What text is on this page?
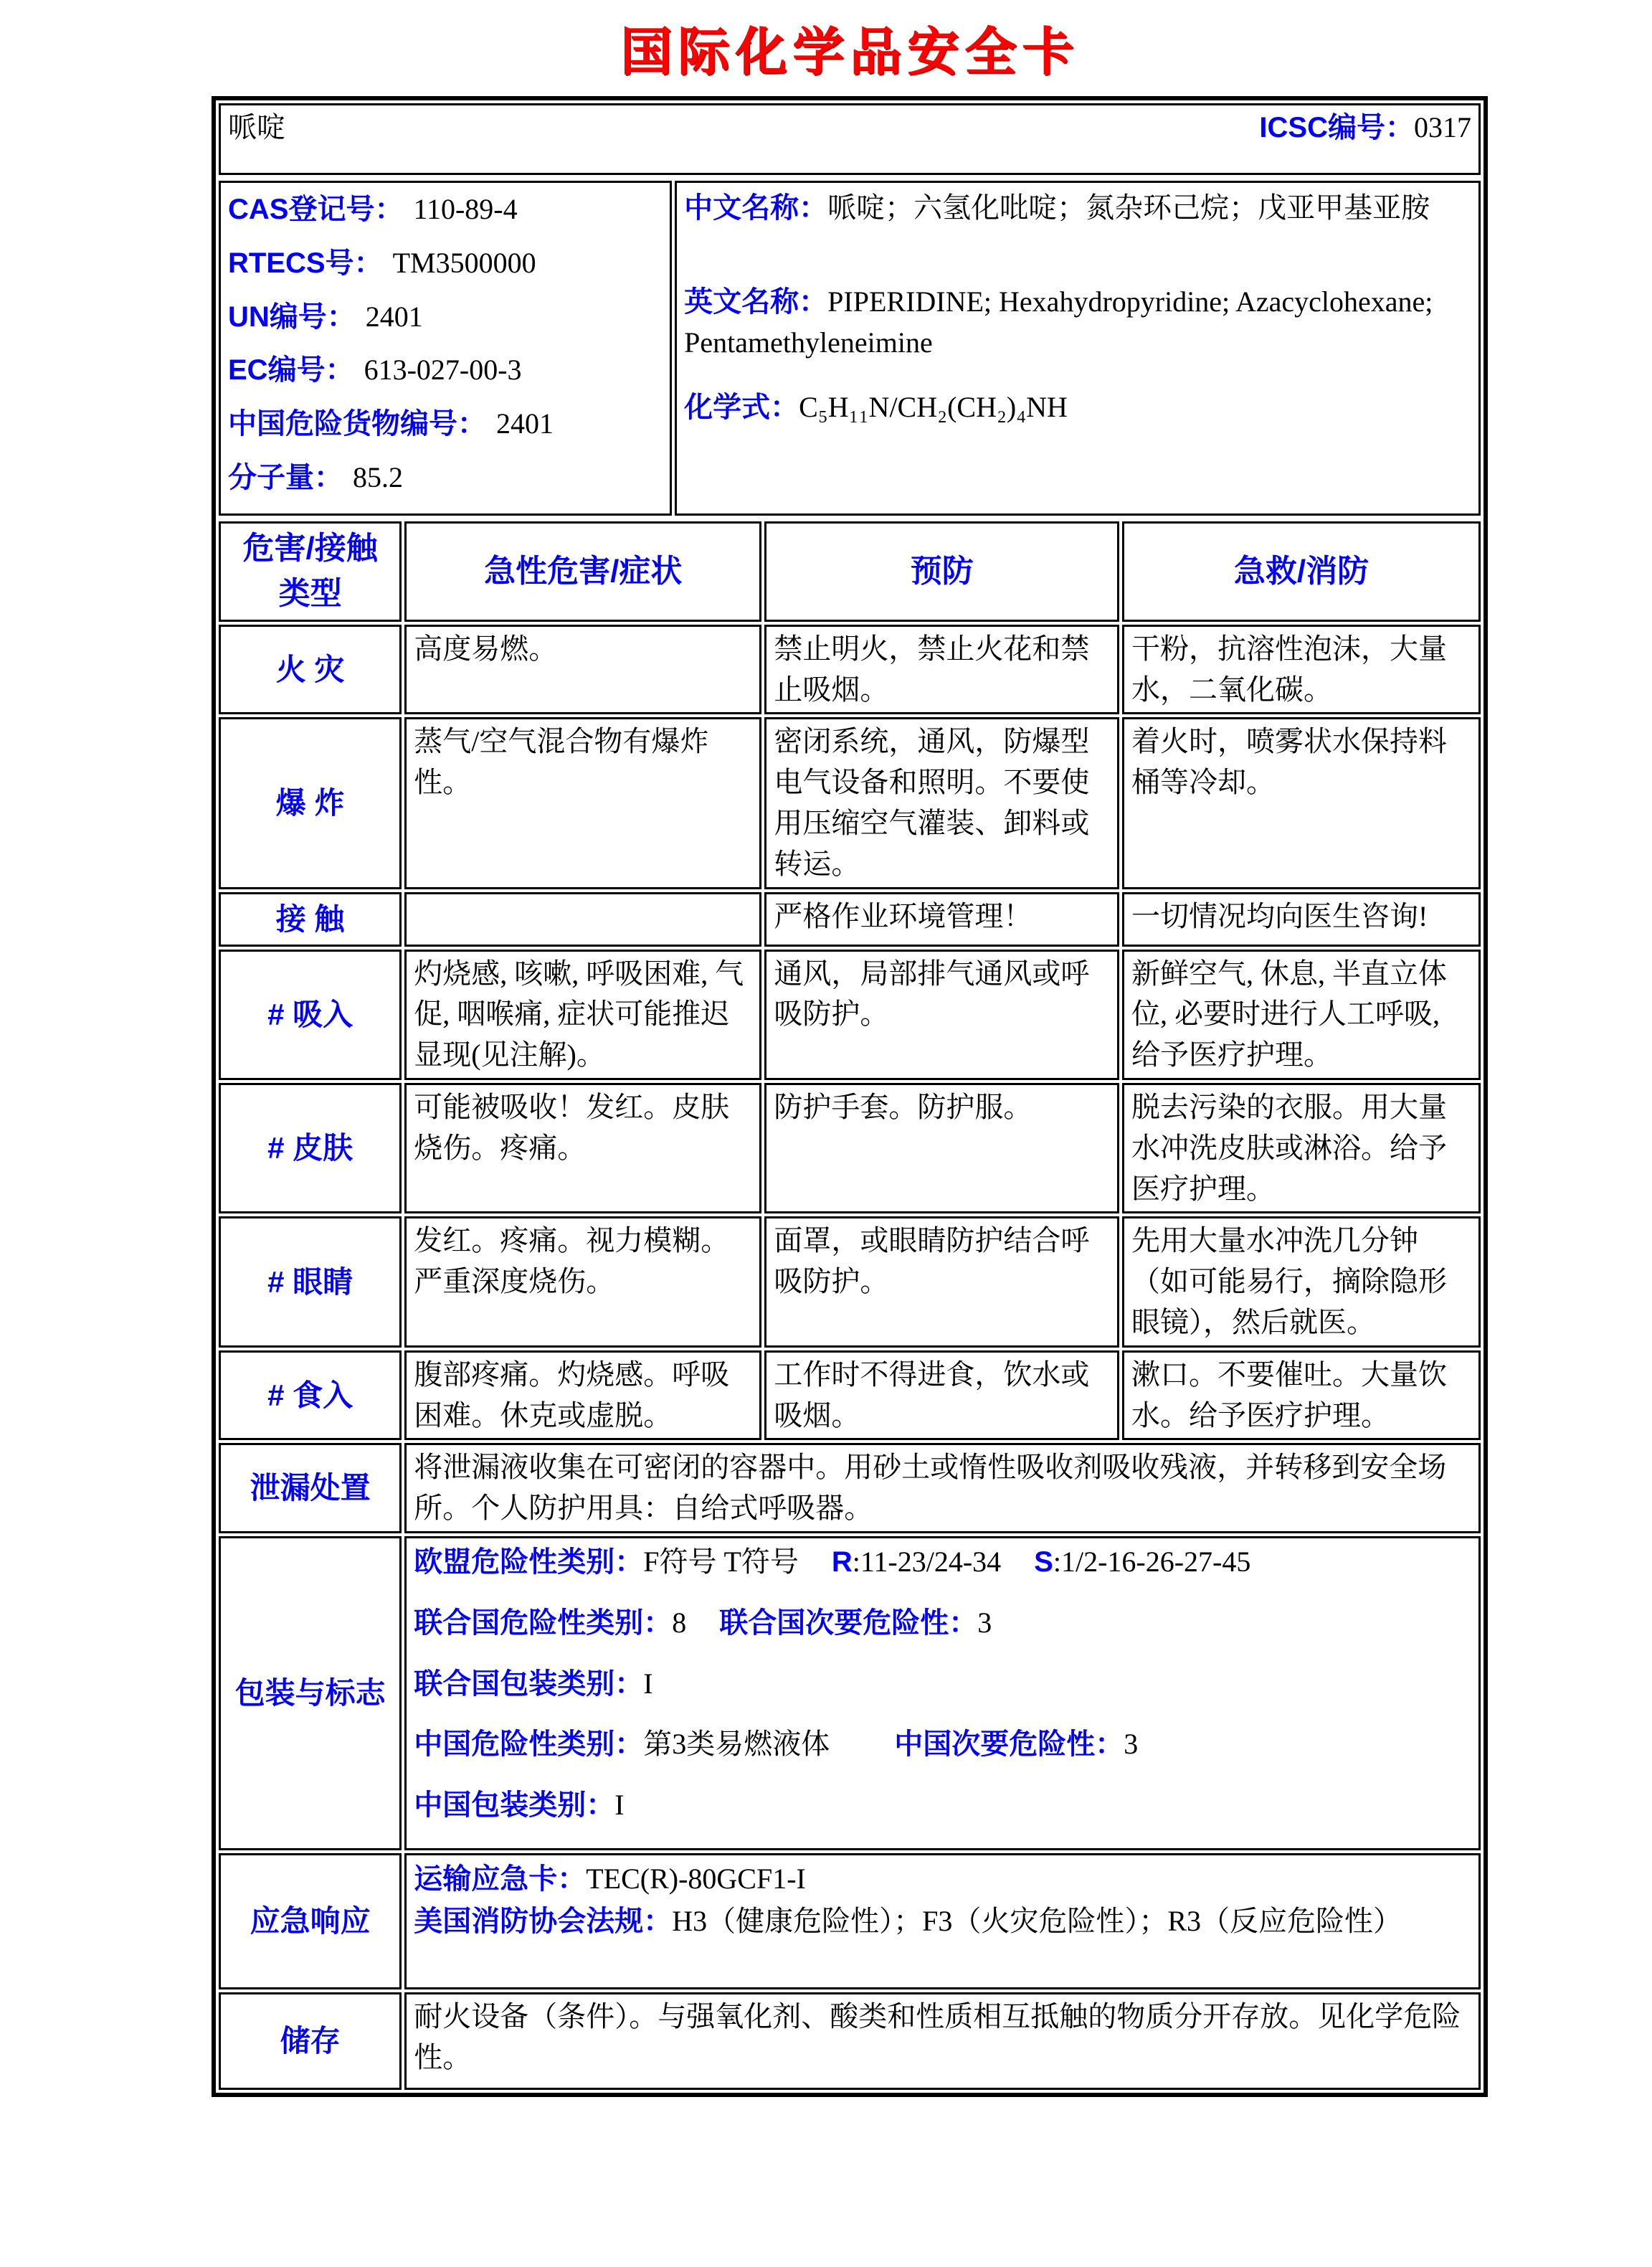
国际化学品安全卡
哌啶	ICSC编号：0317
CAS登记号： 110-89-4
RTECS号： TM3500000
UN编号： 2401
EC编号： 613-027-00-3
中国危险货物编号： 2401
分子量： 85.2

中文名称：哌啶；六氢化吡啶；氮杂环己烷；戊亚甲基亚胺

英文名称：PIPERIDINE; Hexahydropyridine; Azacyclohexane; Pentamethyleneimine

化学式：C₅H₁₁N/CH₂(CH₂)₄NH

危害/接触 类型	急性危害/症状	预防	急救/消防
火 灾	高度易燃。	禁止明火，禁止火花和禁止吸烟。	干粉，抗溶性泡沫，大量水，二氧化碳。
爆 炸	蒸气/空气混合物有爆炸性。	密闭系统，通风，防爆型电气设备和照明。不要使用压缩空气灌装、卸料或转运。	着火时，喷雾状水保持料桶等冷却。
接 触		严格作业环境管理！	一切情况均向医生咨询!
# 吸入	灼烧感, 咳嗽, 呼吸困难, 气促, 咽喉痛, 症状可能推迟显现(见注解)。	通风，局部排气通风或呼吸防护。	新鲜空气, 休息, 半直立体位, 必要时进行人工呼吸, 给予医疗护理。
# 皮肤	可能被吸收！发红。皮肤烧伤。疼痛。	防护手套。防护服。	脱去污染的衣服。用大量水冲洗皮肤或淋浴。给予医疗护理。
# 眼睛	发红。疼痛。视力模糊。严重深度烧伤。	面罩，或眼睛防护结合呼吸防护。	先用大量水冲洗几分钟（如可能易行，摘除隐形眼镜），然后就医。
# 食入	腹部疼痛。灼烧感。呼吸困难。休克或虚脱。	工作时不得进食，饮水或吸烟。	漱口。不要催吐。大量饮水。给予医疗护理。
泄漏处置	将泄漏液收集在可密闭的容器中。用砂土或惰性吸收剂吸收残液，并转移到安全场所。个人防护用具：自给式呼吸器。		
包装与标志	欧盟危险性类别：F符号 T符号 R:11-23/24-34 S:1/2-16-26-27-45
联合国危险性类别：8 联合国次要危险性：3
联合国包装类别：I
中国危险性类别：第3类易燃液体 中国次要危险性：3
中国包装类别：I		

应急响应	运输应急卡：TEC(R)-80GCF1-I
美国消防协会法规：H3（健康危险性）；F3（火灾危险性）；R3（反应危险性）		

储存	耐火设备（条件）。与强氧化剂、酸类和性质相互抵触的物质分开存放。见化学危险性。		
